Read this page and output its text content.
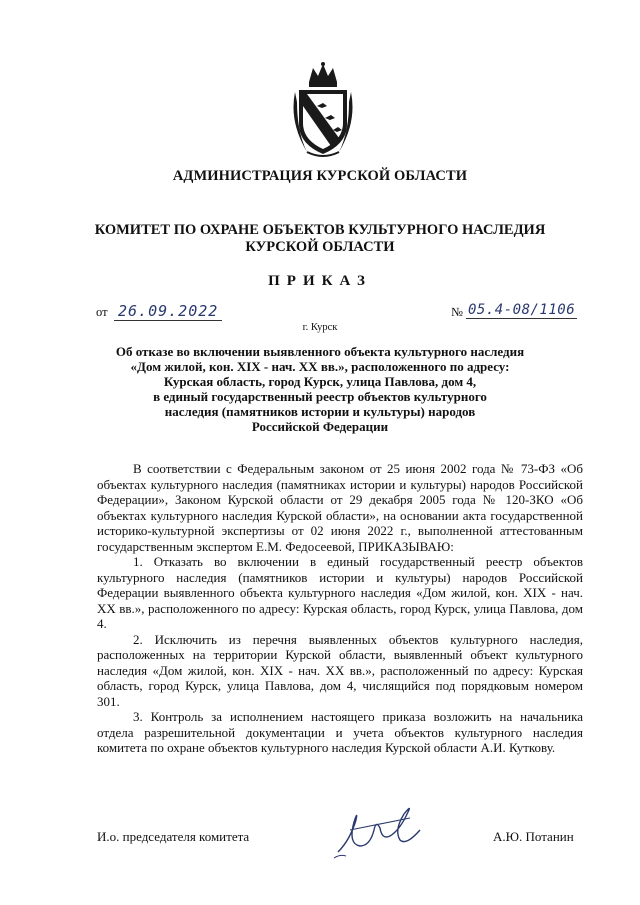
АДМИНИСТРАЦИЯ КУРСКОЙ ОБЛАСТИ
КОМИТЕТ ПО ОХРАНЕ ОБЪЕКТОВ КУЛЬТУРНОГО НАСЛЕДИЯ
КУРСКОЙ ОБЛАСТИ
ПРИКАЗ
от 26.09.2022	№ 05.4-08/1106
г. Курск
Об отказе во включении выявленного объекта культурного наследия
«Дом жилой, кон. XIX - нач. XX вв.», расположенного по адресу:
Курская область, город Курск, улица Павлова, дом 4,
в единый государственный реестр объектов культурного
наследия (памятников истории и культуры) народов
Российской Федерации

В соответствии с Федеральным законом от 25 июня 2002 года № 73-ФЗ «Об объектах культурного наследия (памятниках истории и культуры) народов Российской Федерации», Законом Курской области от 29 декабря 2005 года № 120-ЗКО «Об объектах культурного наследия Курской области», на основании акта государственной историко-культурной экспертизы от 02 июня 2022 г., выполненной аттестованным государственным экспертом Е.М. Федосеевой, ПРИКАЗЫВАЮ:

1. Отказать во включении в единый государственный реестр объектов культурного наследия (памятников истории и культуры) народов Российской Федерации выявленного объекта культурного наследия «Дом жилой, кон. XIX - нач. XX вв.», расположенного по адресу: Курская область, город Курск, улица Павлова, дом 4.

2. Исключить из перечня выявленных объектов культурного наследия, расположенных на территории Курской области, выявленный объект культурного наследия «Дом жилой, кон. XIX - нач. XX вв.», расположенный по адресу: Курская область, город Курск, улица Павлова, дом 4, числящийся под порядковым номером 301.

3. Контроль за исполнением настоящего приказа возложить на начальника отдела разрешительной документации и учета объектов культурного наследия комитета по охране объектов культурного наследия Курской области А.И. Куткову.

И.о. председателя комитета	А.Ю. Потанин
